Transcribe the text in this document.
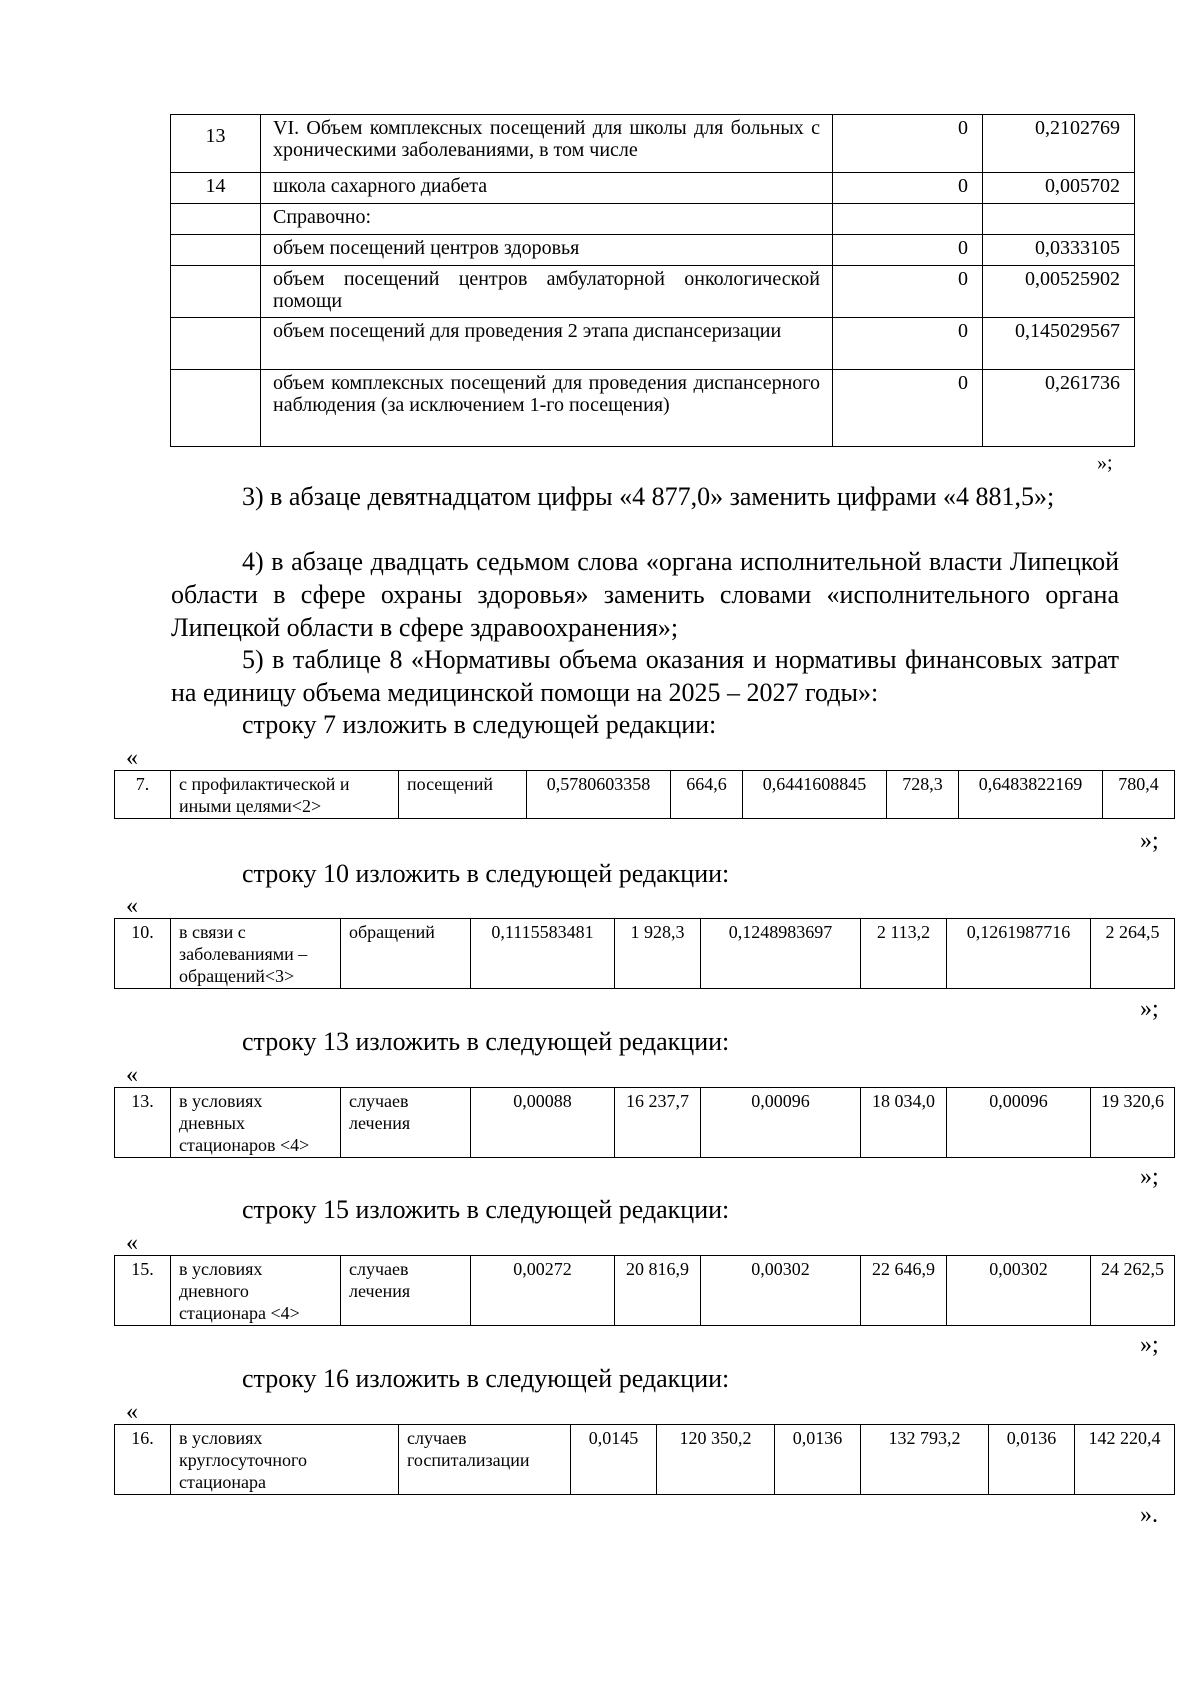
13	VI. Объем комплексных посещений для школы для больных с хроническими заболеваниями, в том числе	0	0,2102769
14	школа сахарного диабета	0	0,005702
	Справочно:		
	объем посещений центров здоровья	0	0,0333105
	объем посещений центров амбулаторной онкологической помощи	0	0,00525902
	объем посещений для проведения 2 этапа диспансеризации	0	0,145029567
	объем комплексных посещений для проведения диспансерного наблюдения (за исключением 1-го посещения)	0	0,261736
»;
3) в абзаце девятнадцатом цифры «4 877,0» заменить цифрами «4 881,5»;
4) в абзаце двадцать седьмом слова «органа исполнительной власти Липецкой области в сфере охраны здоровья» заменить словами «исполнительного органа Липецкой области в сфере здравоохранения»;
5) в таблице 8 «Нормативы объема оказания и нормативы финансовых затрат на единицу объема медицинской помощи на 2025 – 2027 годы»:
строку 7 изложить в следующей редакции:
«
7.	с профилактической и иными целями<2>	посещений	0,5780603358	664,6	0,6441608845	728,3	0,6483822169	780,4
»;
строку 10 изложить в следующей редакции:
«
10.	в связи с заболеваниями – обращений<3>	обращений	0,1115583481	1 928,3	0,1248983697	2 113,2	0,1261987716	2 264,5
»;
строку 13 изложить в следующей редакции:
«
13.	в условиях дневных стационаров <4>	случаев лечения	0,00088	16 237,7	0,00096	18 034,0	0,00096	19 320,6
»;
строку 15 изложить в следующей редакции:
«
15.	в условиях дневного стационара <4>	случаев лечения	0,00272	20 816,9	0,00302	22 646,9	0,00302	24 262,5
»;
строку 16 изложить в следующей редакции:
«
16.	в условиях круглосуточного стационара	случаев госпитализации	0,0145	120 350,2	0,0136	132 793,2	0,0136	142 220,4
».
